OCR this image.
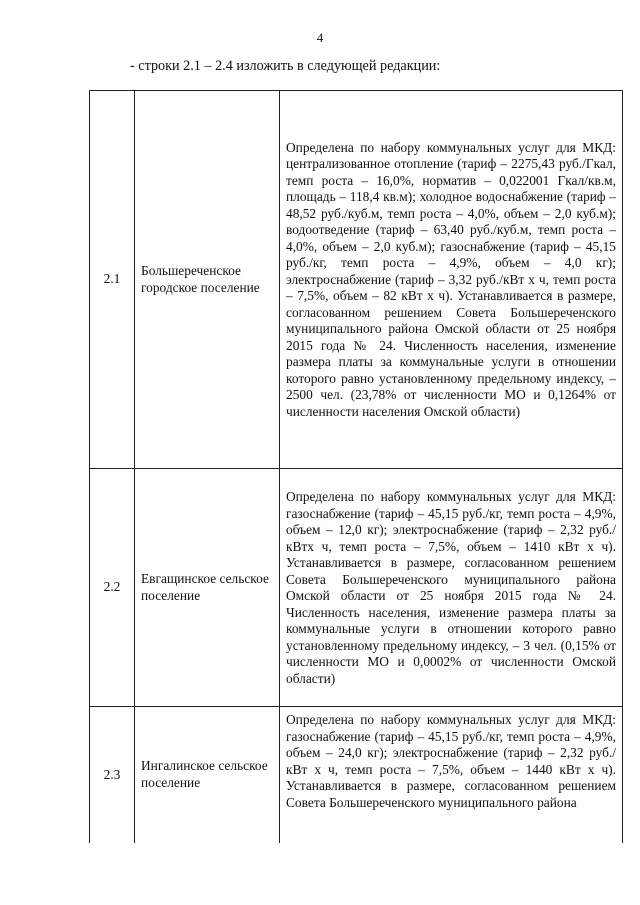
4
- строки 2.1 – 2.4 изложить в следующей редакции:
2.1	Большереченское городское поселение	Определена по набору коммунальных услуг для МКД: централизованное отопление (тариф – 2275,43 руб./Гкал, темп роста – 16,0%, норматив – 0,022001 Гкал/кв.м, площадь – 118,4 кв.м); холодное водоснабжение (тариф – 48,52 руб./куб.м, темп роста – 4,0%, объем – 2,0 куб.м); водоотведение (тариф – 63,40 руб./куб.м, темп роста – 4,0%, объем – 2,0 куб.м); газоснабжение (тариф – 45,15 руб./кг, темп роста – 4,9%, объем – 4,0 кг); электроснабжение (тариф – 3,32 руб./кВт х ч, темп роста – 7,5%, объем – 82 кВт х ч). Устанавливается в размере, согласованном решением Совета Большереченского муниципального района Омской области от 25 ноября 2015 года № 24. Численность населения, изменение размера платы за коммунальные услуги в отношении которого равно установленному предельному индексу, – 2500 чел. (23,78% от численности МО и 0,1264% от численности населения Омской области)
2.2	Евгащинское сельское поселение	Определена по набору коммунальных услуг для МКД: газоснабжение (тариф – 45,15 руб./кг, темп роста – 4,9%, объем – 12,0 кг); электроснабжение (тариф – 2,32 руб./кВтх ч, темп роста – 7,5%, объем – 1410 кВт х ч). Устанавливается в размере, согласованном решением Совета Большереченского муниципального района Омской области от 25 ноября 2015 года № 24. Численность населения, изменение размера платы за коммунальные услуги в отношении которого равно установленному предельному индексу, – 3 чел. (0,15% от численности МО и 0,0002% от численности Омской области)
2.3	Ингалинское сельское поселение	Определена по набору коммунальных услуг для МКД: газоснабжение (тариф – 45,15 руб./кг, темп роста – 4,9%, объем – 24,0 кг); электроснабжение (тариф – 2,32 руб./кВт х ч, темп роста – 7,5%, объем – 1440 кВт х ч). Устанавливается в размере, согласованном решением Совета Большереченского муниципального района
